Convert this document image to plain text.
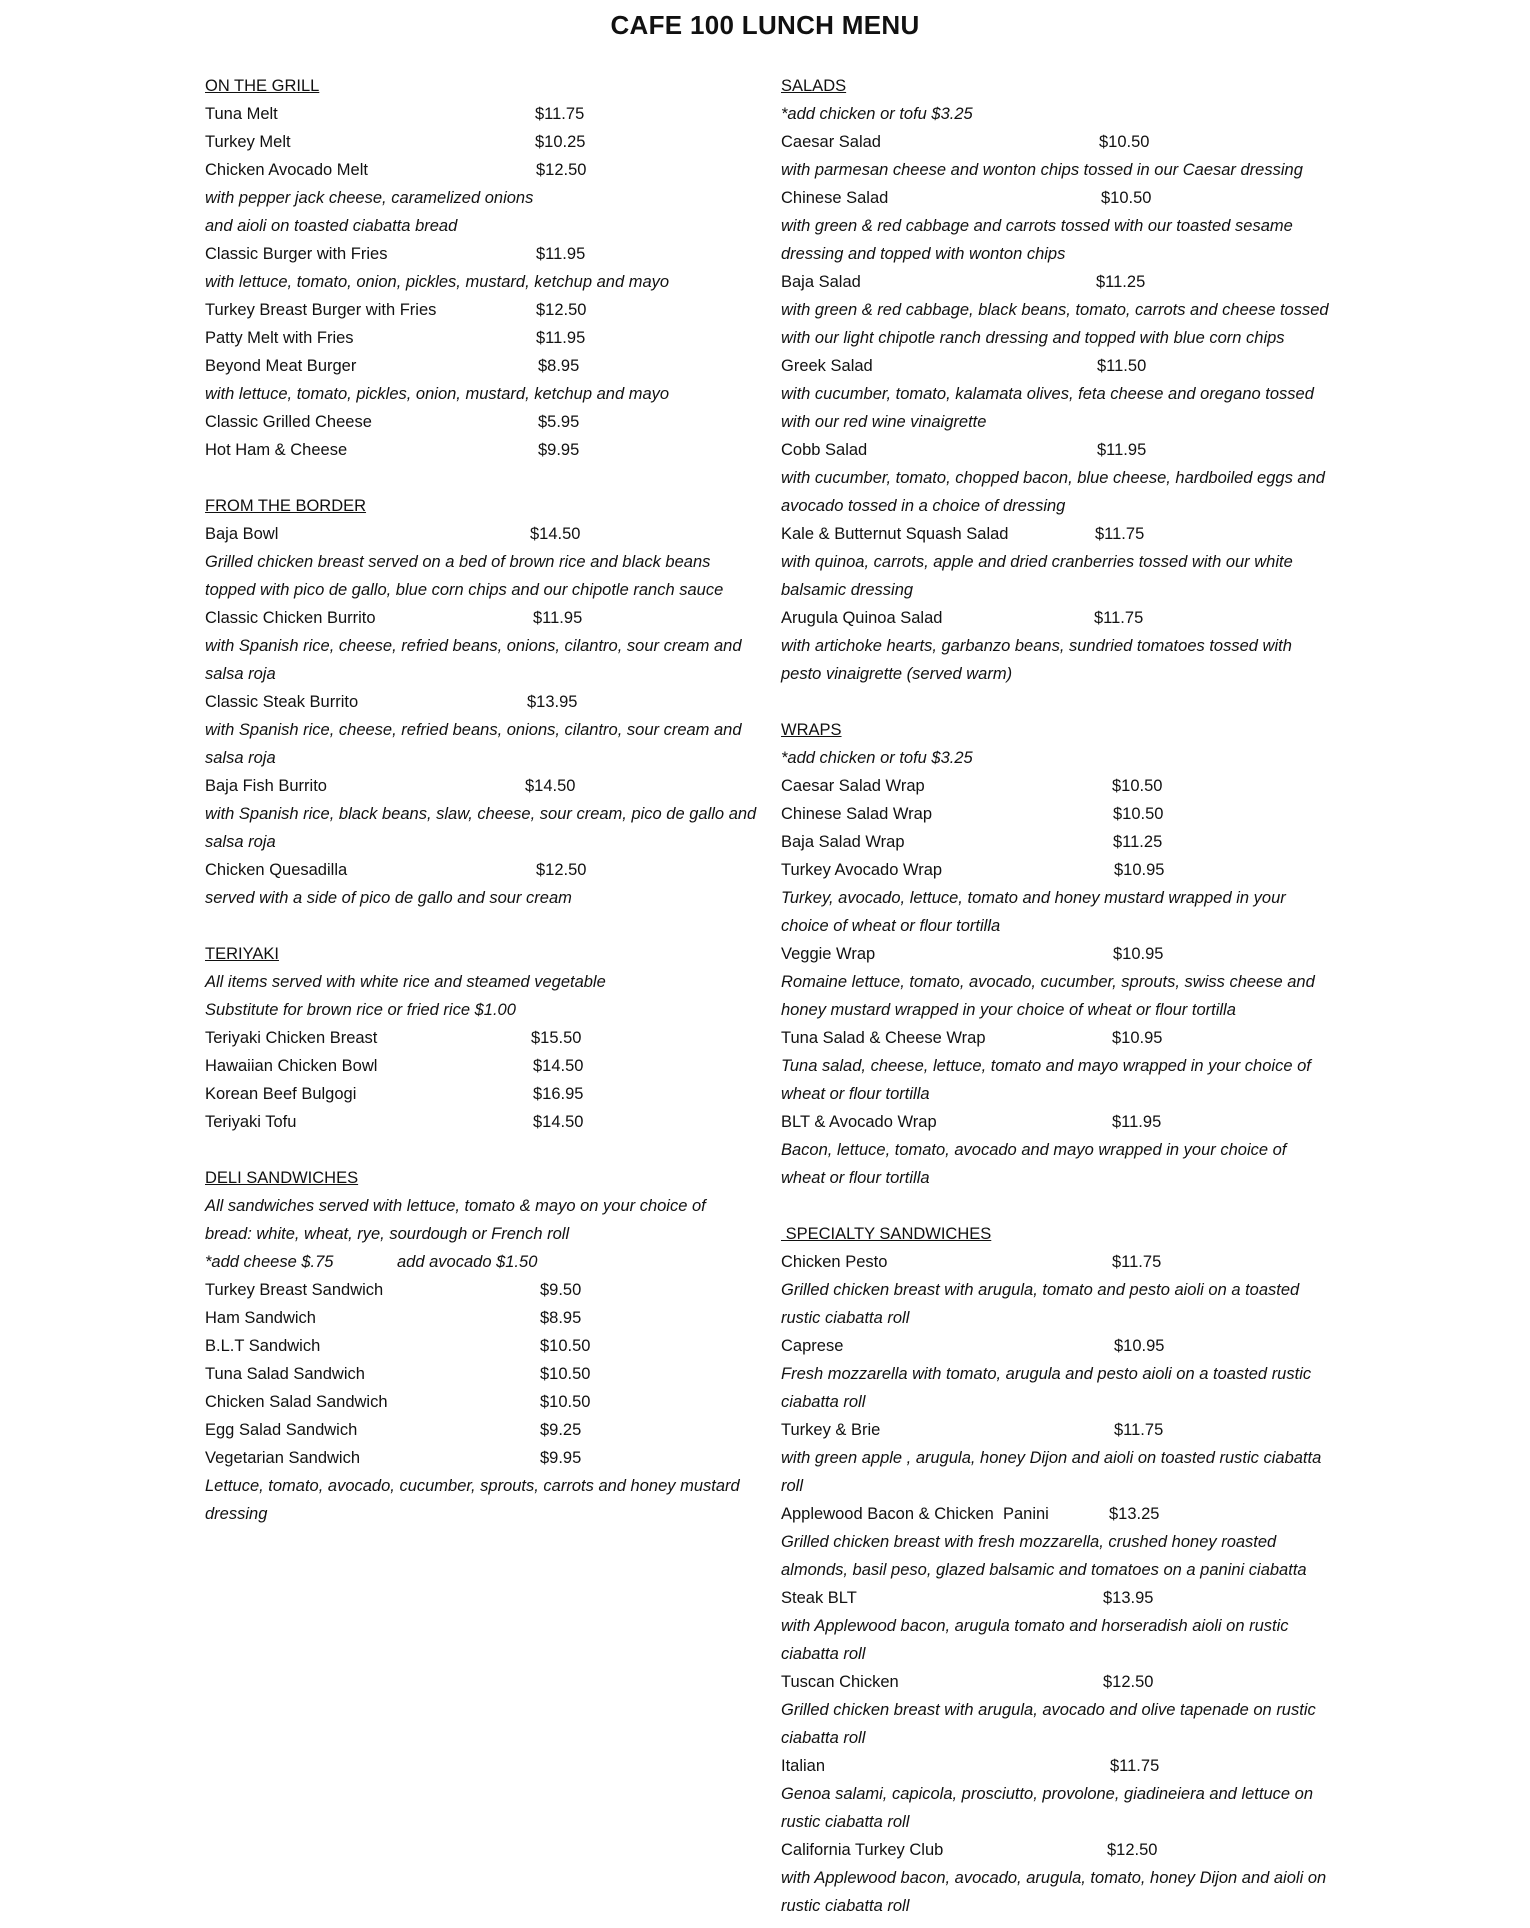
CAFE 100 LUNCH MENU
ON THE GRILL
Tuna Melt	$11.75
Turkey Melt	$10.25
Chicken Avocado Melt	$12.50
with pepper jack cheese, caramelized onions
and aioli on toasted ciabatta bread
Classic Burger with Fries	$11.95
with lettuce, tomato, onion, pickles, mustard, ketchup and mayo
Turkey Breast Burger with Fries	$12.50
Patty Melt with Fries	$11.95
Beyond Meat Burger	$8.95
with lettuce, tomato, pickles, onion, mustard, ketchup and mayo
Classic Grilled Cheese	$5.95
Hot Ham & Cheese	$9.95
FROM THE BORDER
Baja Bowl	$14.50
Grilled chicken breast served on a bed of brown rice and black beans
topped with pico de gallo, blue corn chips and our chipotle ranch sauce
Classic Chicken Burrito	$11.95
with Spanish rice, cheese, refried beans, onions, cilantro, sour cream and
salsa roja
Classic Steak Burrito	$13.95
with Spanish rice, cheese, refried beans, onions, cilantro, sour cream and
salsa roja
Baja Fish Burrito	$14.50
with Spanish rice, black beans, slaw, cheese, sour cream, pico de gallo and
salsa roja
Chicken Quesadilla	$12.50
served with a side of pico de gallo and sour cream
TERIYAKI
All items served with white rice and steamed vegetable
Substitute for brown rice or fried rice $1.00
Teriyaki Chicken Breast	$15.50
Hawaiian Chicken Bowl	$14.50
Korean Beef Bulgogi	$16.95
Teriyaki Tofu	$14.50
DELI SANDWICHES
All sandwiches served with lettuce, tomato & mayo on your choice of
bread: white, wheat, rye, sourdough or French roll
*add cheese $.75	add avocado $1.50
Turkey Breast Sandwich	$9.50
Ham Sandwich	$8.95
B.L.T Sandwich	$10.50
Tuna Salad Sandwich	$10.50
Chicken Salad Sandwich	$10.50
Egg Salad Sandwich	$9.25
Vegetarian Sandwich	$9.95
Lettuce, tomato, avocado, cucumber, sprouts, carrots and honey mustard
dressing
SALADS
*add chicken or tofu $3.25
Caesar Salad	$10.50
with parmesan cheese and wonton chips tossed in our Caesar dressing
Chinese Salad	$10.50
with green & red cabbage and carrots tossed with our toasted sesame
dressing and topped with wonton chips
Baja Salad	$11.25
with green & red cabbage, black beans, tomato, carrots and cheese tossed
with our light chipotle ranch dressing and topped with blue corn chips
Greek Salad	$11.50
with cucumber, tomato, kalamata olives, feta cheese and oregano tossed
with our red wine vinaigrette
Cobb Salad	$11.95
with cucumber, tomato, chopped bacon, blue cheese, hardboiled eggs and
avocado tossed in a choice of dressing
Kale & Butternut Squash Salad	$11.75
with quinoa, carrots, apple and dried cranberries tossed with our white
balsamic dressing
Arugula Quinoa Salad	$11.75
with artichoke hearts, garbanzo beans, sundried tomatoes tossed with
pesto vinaigrette (served warm)
WRAPS
*add chicken or tofu $3.25
Caesar Salad Wrap	$10.50
Chinese Salad Wrap	$10.50
Baja Salad Wrap	$11.25
Turkey Avocado Wrap	$10.95
Turkey, avocado, lettuce, tomato and honey mustard wrapped in your
choice of wheat or flour tortilla
Veggie Wrap	$10.95
Romaine lettuce, tomato, avocado, cucumber, sprouts, swiss cheese and
honey mustard wrapped in your choice of wheat or flour tortilla
Tuna Salad & Cheese Wrap	$10.95
Tuna salad, cheese, lettuce, tomato and mayo wrapped in your choice of
wheat or flour tortilla
BLT & Avocado Wrap	$11.95
Bacon, lettuce, tomato, avocado and mayo wrapped in your choice of
wheat or flour tortilla
SPECIALTY SANDWICHES
Chicken Pesto	$11.75
Grilled chicken breast with arugula, tomato and pesto aioli on a toasted
rustic ciabatta roll
Caprese	$10.95
Fresh mozzarella with tomato, arugula and pesto aioli on a toasted rustic
ciabatta roll
Turkey & Brie	$11.75
with green apple , arugula, honey Dijon and aioli on toasted rustic ciabatta
roll
Applewood Bacon & Chicken  Panini	$13.25
Grilled chicken breast with fresh mozzarella, crushed honey roasted
almonds, basil peso, glazed balsamic and tomatoes on a panini ciabatta
Steak BLT	$13.95
with Applewood bacon, arugula tomato and horseradish aioli on rustic
ciabatta roll
Tuscan Chicken	$12.50
Grilled chicken breast with arugula, avocado and olive tapenade on rustic
ciabatta roll
Italian	$11.75
Genoa salami, capicola, prosciutto, provolone, giadineiera and lettuce on
rustic ciabatta roll
California Turkey Club	$12.50
with Applewood bacon, avocado, arugula, tomato, honey Dijon and aioli on
rustic ciabatta roll
